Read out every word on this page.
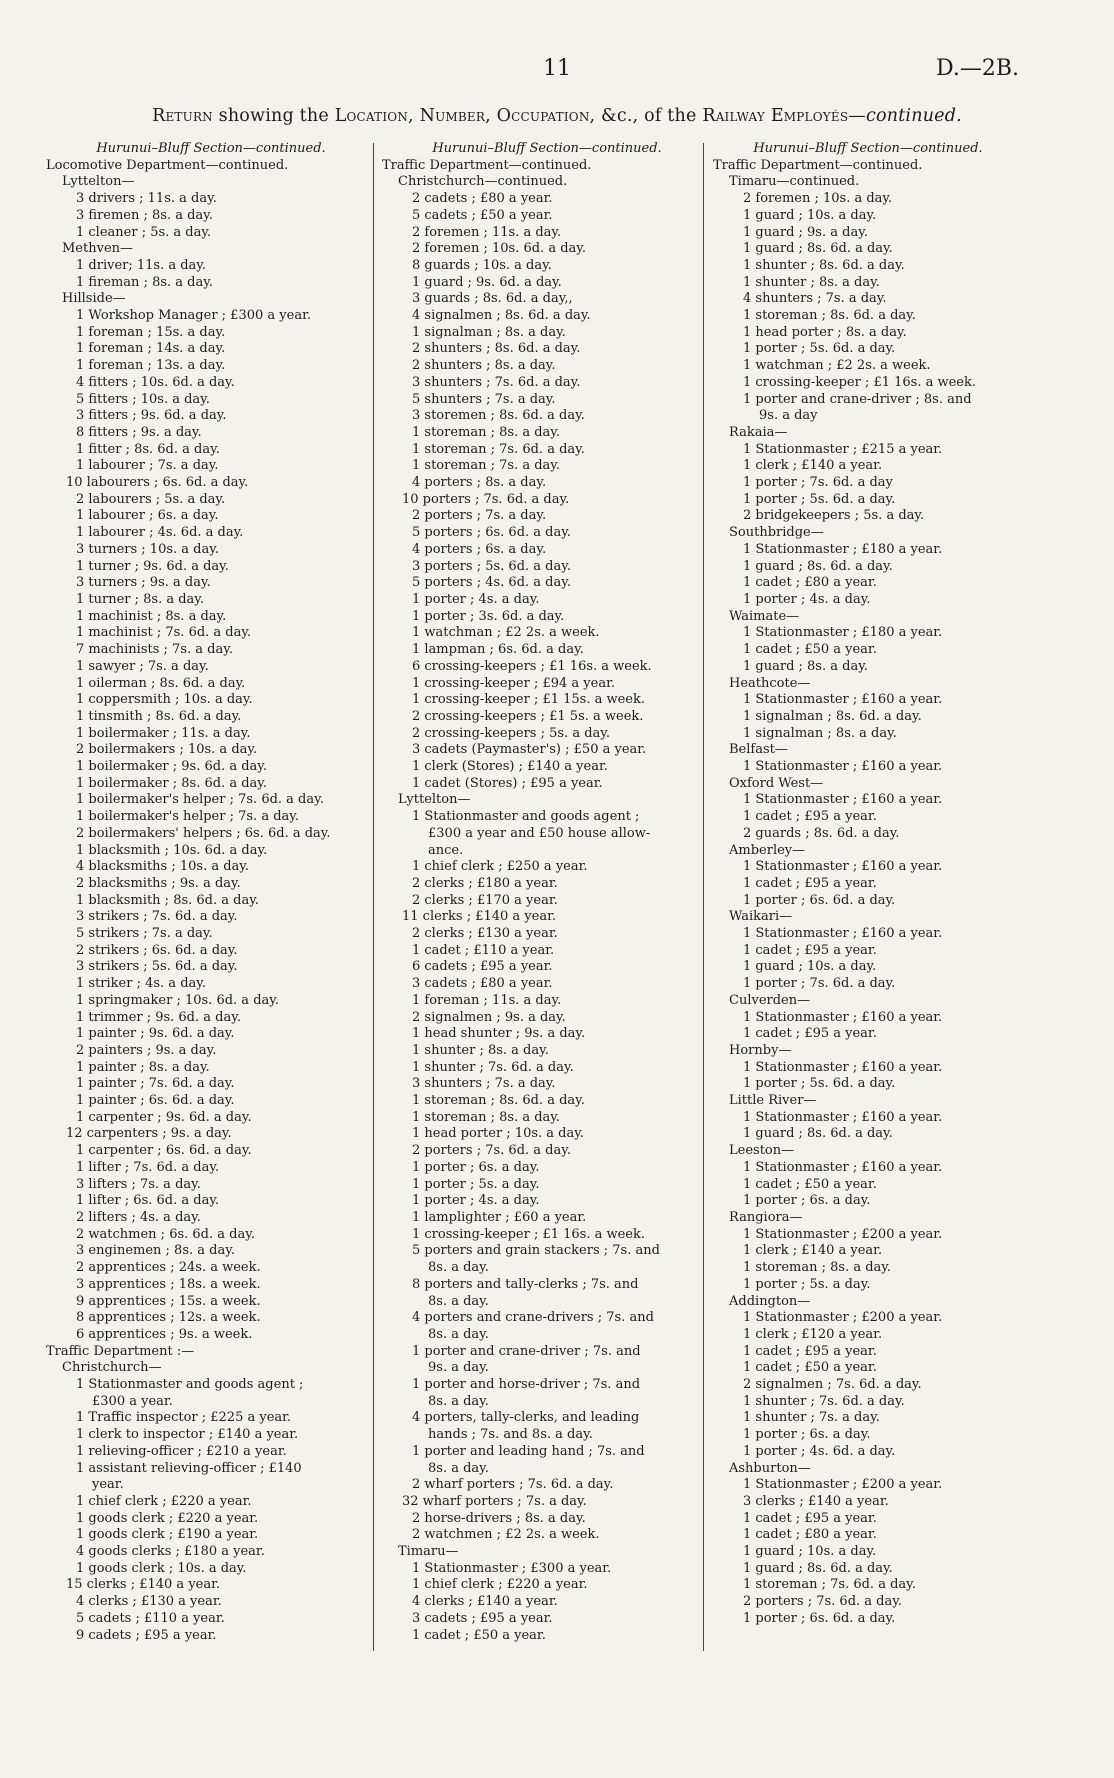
11	D.—2B.
Return showing the Location, Number, Occupation, &c., of the Railway Employés—continued.
Hurunui–Bluff Section—continued.
Locomotive Department—continued.
Lyttelton—
3 drivers ; 11s. a day.
3 firemen ; 8s. a day.
1 cleaner ; 5s. a day.
Methven—
1 driver; 11s. a day.
1 fireman ; 8s. a day.
Hillside—
1 Workshop Manager ; £300 a year.
1 foreman ; 15s. a day.
1 foreman ; 14s. a day.
1 foreman ; 13s. a day.
4 fitters ; 10s. 6d. a day.
5 fitters ; 10s. a day.
3 fitters ; 9s. 6d. a day.
8 fitters ; 9s. a day.
1 fitter ; 8s. 6d. a day.
1 labourer ; 7s. a day.
10 labourers ; 6s. 6d. a day.
2 labourers ; 5s. a day.
1 labourer ; 6s. a day.
1 labourer ; 4s. 6d. a day.
3 turners ; 10s. a day.
1 turner ; 9s. 6d. a day.
3 turners ; 9s. a day.
1 turner ; 8s. a day.
1 machinist ; 8s. a day.
1 machinist ; 7s. 6d. a day.
7 machinists ; 7s. a day.
1 sawyer ; 7s. a day.
1 oilerman ; 8s. 6d. a day.
1 coppersmith ; 10s. a day.
1 tinsmith ; 8s. 6d. a day.
1 boilermaker ; 11s. a day.
2 boilermakers ; 10s. a day.
1 boilermaker ; 9s. 6d. a day.
1 boilermaker ; 8s. 6d. a day.
1 boilermaker's helper ; 7s. 6d. a day.
1 boilermaker's helper ; 7s. a day.
2 boilermakers' helpers ; 6s. 6d. a day.
1 blacksmith ; 10s. 6d. a day.
4 blacksmiths ; 10s. a day.
2 blacksmiths ; 9s. a day.
1 blacksmith ; 8s. 6d. a day.
3 strikers ; 7s. 6d. a day.
5 strikers ; 7s. a day.
2 strikers ; 6s. 6d. a day.
3 strikers ; 5s. 6d. a day.
1 striker ; 4s. a day.
1 springmaker ; 10s. 6d. a day.
1 trimmer ; 9s. 6d. a day.
1 painter ; 9s. 6d. a day.
2 painters ; 9s. a day.
1 painter ; 8s. a day.
1 painter ; 7s. 6d. a day.
1 painter ; 6s. 6d. a day.
1 carpenter ; 9s. 6d. a day.
12 carpenters ; 9s. a day.
1 carpenter ; 6s. 6d. a day.
1 lifter ; 7s. 6d. a day.
3 lifters ; 7s. a day.
1 lifter ; 6s. 6d. a day.
2 lifters ; 4s. a day.
2 watchmen ; 6s. 6d. a day.
3 enginemen ; 8s. a day.
2 apprentices ; 24s. a week.
3 apprentices ; 18s. a week.
9 apprentices ; 15s. a week.
8 apprentices ; 12s. a week.
6 apprentices ; 9s. a week.
Traffic Department :—
Christchurch—
1 Stationmaster and goods agent ;
£300 a year.
1 Traffic inspector ; £225 a year.
1 clerk to inspector ; £140 a year.
1 relieving-officer ; £210 a year.
1 assistant relieving-officer ; £140
year.
1 chief clerk ; £220 a year.
1 goods clerk ; £220 a year.
1 goods clerk ; £190 a year.
4 goods clerks ; £180 a year.
1 goods clerk ; 10s. a day.
15 clerks ; £140 a year.
4 clerks ; £130 a year.
5 cadets ; £110 a year.
9 cadets ; £95 a year.
Hurunui–Bluff Section—continued.
Traffic Department—continued.
Christchurch—continued.
2 cadets ; £80 a year.
5 cadets ; £50 a year.
2 foremen ; 11s. a day.
2 foremen ; 10s. 6d. a day.
8 guards ; 10s. a day.
1 guard ; 9s. 6d. a day.
3 guards ; 8s. 6d. a day,,
4 signalmen ; 8s. 6d. a day.
1 signalman ; 8s. a day.
2 shunters ; 8s. 6d. a day.
2 shunters ; 8s. a day.
3 shunters ; 7s. 6d. a day.
5 shunters ; 7s. a day.
3 storemen ; 8s. 6d. a day.
1 storeman ; 8s. a day.
1 storeman ; 7s. 6d. a day.
1 storeman ; 7s. a day.
4 porters ; 8s. a day.
10 porters ; 7s. 6d. a day.
2 porters ; 7s. a day.
5 porters ; 6s. 6d. a day.
4 porters ; 6s. a day.
3 porters ; 5s. 6d. a day.
5 porters ; 4s. 6d. a day.
1 porter ; 4s. a day.
1 porter ; 3s. 6d. a day.
1 watchman ; £2 2s. a week.
1 lampman ; 6s. 6d. a day.
6 crossing-keepers ; £1 16s. a week.
1 crossing-keeper ; £94 a year.
1 crossing-keeper ; £1 15s. a week.
2 crossing-keepers ; £1 5s. a week.
2 crossing-keepers ; 5s. a day.
3 cadets (Paymaster's) ; £50 a year.
1 clerk (Stores) ; £140 a year.
1 cadet (Stores) ; £95 a year.
Lyttelton—
1 Stationmaster and goods agent ;
£300 a year and £50 house allow-
ance.
1 chief clerk ; £250 a year.
2 clerks ; £180 a year.
2 clerks ; £170 a year.
11 clerks ; £140 a year.
2 clerks ; £130 a year.
1 cadet ; £110 a year.
6 cadets ; £95 a year.
3 cadets ; £80 a year.
1 foreman ; 11s. a day.
2 signalmen ; 9s. a day.
1 head shunter ; 9s. a day.
1 shunter ; 8s. a day.
1 shunter ; 7s. 6d. a day.
3 shunters ; 7s. a day.
1 storeman ; 8s. 6d. a day.
1 storeman ; 8s. a day.
1 head porter ; 10s. a day.
2 porters ; 7s. 6d. a day.
1 porter ; 6s. a day.
1 porter ; 5s. a day.
1 porter ; 4s. a day.
1 lamplighter ; £60 a year.
1 crossing-keeper ; £1 16s. a week.
5 porters and grain stackers ; 7s. and
8s. a day.
8 porters and tally-clerks ; 7s. and
8s. a day.
4 porters and crane-drivers ; 7s. and
8s. a day.
1 porter and crane-driver ; 7s. and
9s. a day.
1 porter and horse-driver ; 7s. and
8s. a day.
4 porters, tally-clerks, and leading
hands ; 7s. and 8s. a day.
1 porter and leading hand ; 7s. and
8s. a day.
2 wharf porters ; 7s. 6d. a day.
32 wharf porters ; 7s. a day.
2 horse-drivers ; 8s. a day.
2 watchmen ; £2 2s. a week.
Timaru—
1 Stationmaster ; £300 a year.
1 chief clerk ; £220 a year.
4 clerks ; £140 a year.
3 cadets ; £95 a year.
1 cadet ; £50 a year.
Hurunui–Bluff Section—continued.
Traffic Department—continued.
Timaru—continued.
2 foremen ; 10s. a day.
1 guard ; 10s. a day.
1 guard ; 9s. a day.
1 guard ; 8s. 6d. a day.
1 shunter ; 8s. 6d. a day.
1 shunter ; 8s. a day.
4 shunters ; 7s. a day.
1 storeman ; 8s. 6d. a day.
1 head porter ; 8s. a day.
1 porter ; 5s. 6d. a day.
1 watchman ; £2 2s. a week.
1 crossing-keeper ; £1 16s. a week.
1 porter and crane-driver ; 8s. and
9s. a day
Rakaia—
1 Stationmaster ; £215 a year.
1 clerk ; £140 a year.
1 porter ; 7s. 6d. a day
1 porter ; 5s. 6d. a day.
2 bridgekeepers ; 5s. a day.
Southbridge—
1 Stationmaster ; £180 a year.
1 guard ; 8s. 6d. a day.
1 cadet ; £80 a year.
1 porter ; 4s. a day.
Waimate—
1 Stationmaster ; £180 a year.
1 cadet ; £50 a year.
1 guard ; 8s. a day.
Heathcote—
1 Stationmaster ; £160 a year.
1 signalman ; 8s. 6d. a day.
1 signalman ; 8s. a day.
Belfast—
1 Stationmaster ; £160 a year.
Oxford West—
1 Stationmaster ; £160 a year.
1 cadet ; £95 a year.
2 guards ; 8s. 6d. a day.
Amberley—
1 Stationmaster ; £160 a year.
1 cadet ; £95 a year.
1 porter ; 6s. 6d. a day.
Waikari—
1 Stationmaster ; £160 a year.
1 cadet ; £95 a year.
1 guard ; 10s. a day.
1 porter ; 7s. 6d. a day.
Culverden—
1 Stationmaster ; £160 a year.
1 cadet ; £95 a year.
Hornby—
1 Stationmaster ; £160 a year.
1 porter ; 5s. 6d. a day.
Little River—
1 Stationmaster ; £160 a year.
1 guard ; 8s. 6d. a day.
Leeston—
1 Stationmaster ; £160 a year.
1 cadet ; £50 a year.
1 porter ; 6s. a day.
Rangiora—
1 Stationmaster ; £200 a year.
1 clerk ; £140 a year.
1 storeman ; 8s. a day.
1 porter ; 5s. a day.
Addington—
1 Stationmaster ; £200 a year.
1 clerk ; £120 a year.
1 cadet ; £95 a year.
1 cadet ; £50 a year.
2 signalmen ; 7s. 6d. a day.
1 shunter ; 7s. 6d. a day.
1 shunter ; 7s. a day.
1 porter ; 6s. a day.
1 porter ; 4s. 6d. a day.
Ashburton—
1 Stationmaster ; £200 a year.
3 clerks ; £140 a year.
1 cadet ; £95 a year.
1 cadet ; £80 a year.
1 guard ; 10s. a day.
1 guard ; 8s. 6d. a day.
1 storeman ; 7s. 6d. a day.
2 porters ; 7s. 6d. a day.
1 porter ; 6s. 6d. a day.
